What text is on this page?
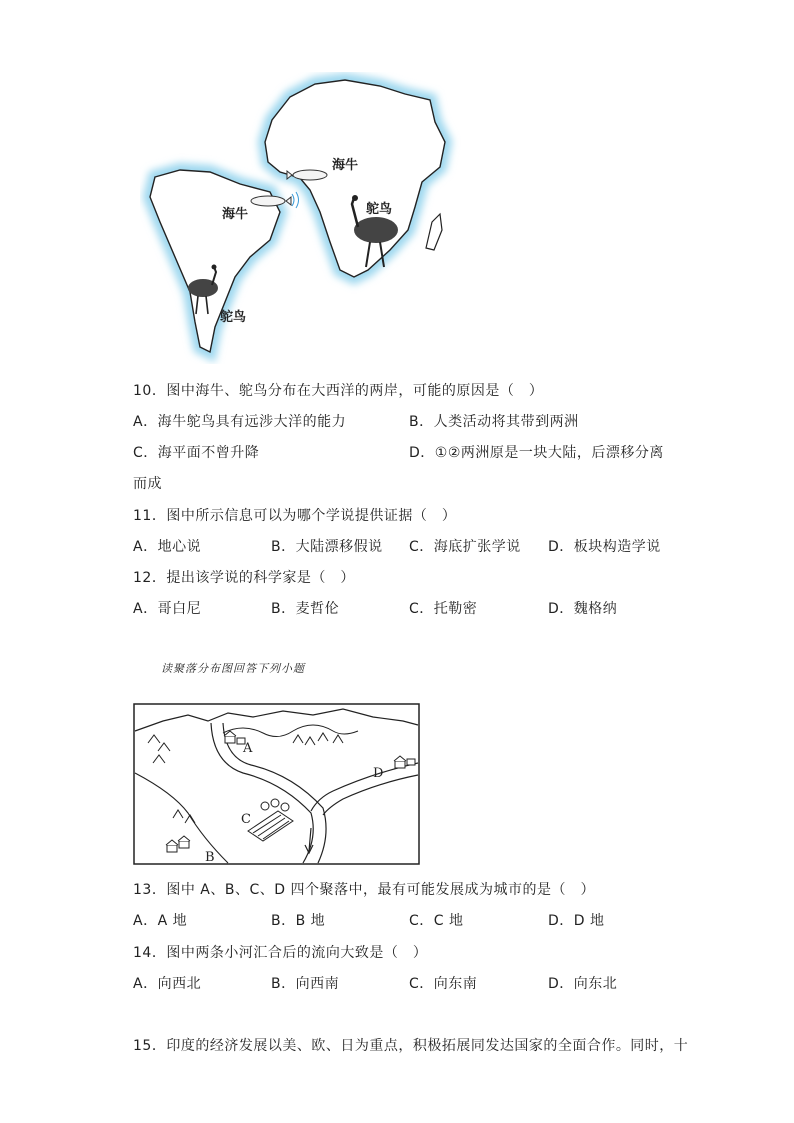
海牛
海牛	鸵鸟
鸵鸟
10．图中海牛、鸵鸟分布在大西洋的两岸，可能的原因是（　）
A．海牛鸵鸟具有远涉大洋的能力	B．人类活动将其带到两洲
C．海平面不曾升降	D．①②两洲原是一块大陆，后漂移分离
而成
11．图中所示信息可以为哪个学说提供证据（　）
A．地心说	B．大陆漂移假说 C．海底扩张学说 D．板块构造学说
12．提出该学说的科学家是（　）
A．哥白尼	B．麦哲伦	C．托勒密	D．魏格纳
读聚落分布图回答下列小题
A
B
C
D
13．图中 A、B、C、D 四个聚落中，最有可能发展成为城市的是（　）
A．A 地	B．B 地	C．C 地	D．D 地
14．图中两条小河汇合后的流向大致是（　）
A．向西北	B．向西南	C．向东南	D．向东北
15．印度的经济发展以美、欧、日为重点，积极拓展同发达国家的全面合作。同时，十
